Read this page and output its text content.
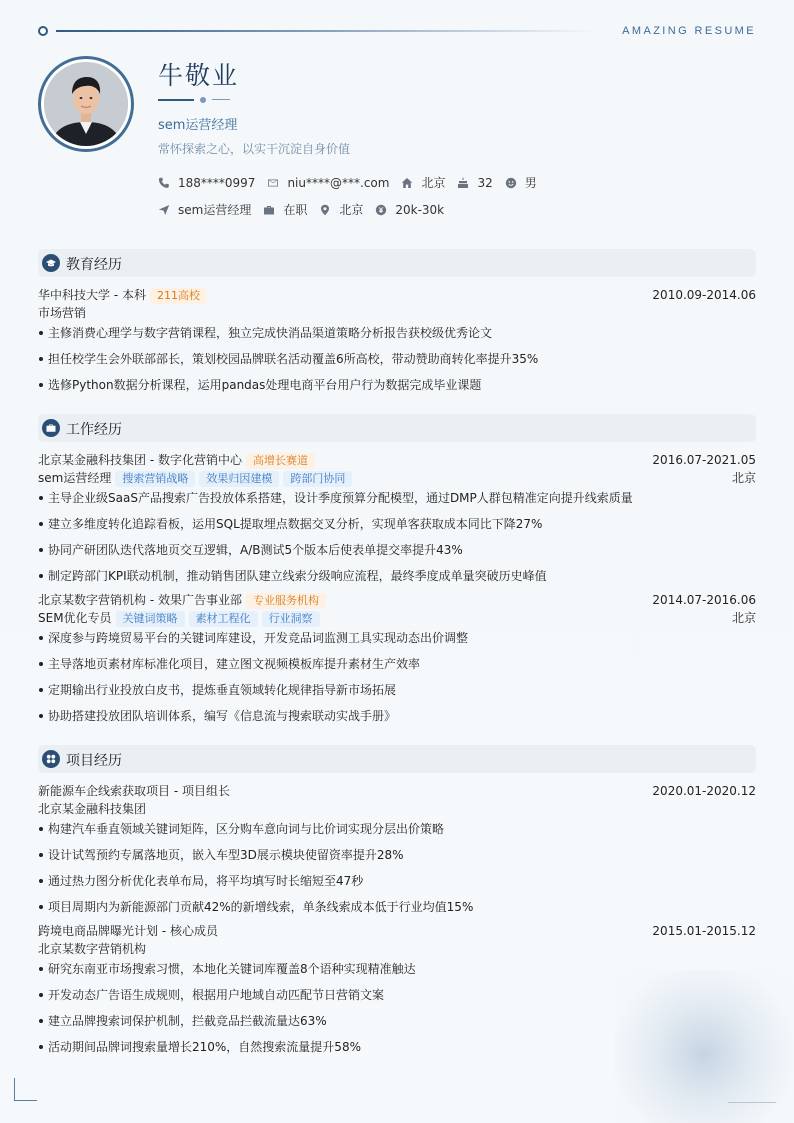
AMAZING RESUME
牛敬业
sem运营经理
常怀探索之心，以实干沉淀自身价值
188****0997	niu****@***.com	北京	32	男
sem运营经理	在职	北京	20k-30k
教育经历
华中科技大学 - 本科 211高校	2010.09-2014.06
市场营销
主修消费心理学与数字营销课程，独立完成快消品渠道策略分析报告获校级优秀论文
担任校学生会外联部部长，策划校园品牌联名活动覆盖6所高校，带动赞助商转化率提升35%
选修Python数据分析课程，运用pandas处理电商平台用户行为数据完成毕业课题
工作经历
北京某金融科技集团 - 数字化营销中心 高增长赛道	2016.07-2021.05
sem运营经理 搜索营销战略 效果归因建模 跨部门协同	北京
主导企业级SaaS产品搜索广告投放体系搭建，设计季度预算分配模型，通过DMP人群包精准定向提升线索质量
建立多维度转化追踪看板，运用SQL提取埋点数据交叉分析，实现单客获取成本同比下降27%
协同产研团队迭代落地页交互逻辑，A/B测试5个版本后使表单提交率提升43%
制定跨部门KPI联动机制，推动销售团队建立线索分级响应流程，最终季度成单量突破历史峰值
北京某数字营销机构 - 效果广告事业部 专业服务机构	2014.07-2016.06
SEM优化专员 关键词策略 素材工程化 行业洞察	北京
深度参与跨境贸易平台的关键词库建设，开发竞品词监测工具实现动态出价调整
主导落地页素材库标准化项目，建立图文视频模板库提升素材生产效率
定期输出行业投放白皮书，提炼垂直领域转化规律指导新市场拓展
协助搭建投放团队培训体系，编写《信息流与搜索联动实战手册》
项目经历
新能源车企线索获取项目 - 项目组长	2020.01-2020.12
北京某金融科技集团
构建汽车垂直领域关键词矩阵，区分购车意向词与比价词实现分层出价策略
设计试驾预约专属落地页，嵌入车型3D展示模块使留资率提升28%
通过热力图分析优化表单布局，将平均填写时长缩短至47秒
项目周期内为新能源部门贡献42%的新增线索，单条线索成本低于行业均值15%
跨境电商品牌曝光计划 - 核心成员	2015.01-2015.12
北京某数字营销机构
研究东南亚市场搜索习惯，本地化关键词库覆盖8个语种实现精准触达
开发动态广告语生成规则，根据用户地域自动匹配节日营销文案
建立品牌搜索词保护机制，拦截竞品拦截流量达63%
活动期间品牌词搜索量增长210%，自然搜索流量提升58%
